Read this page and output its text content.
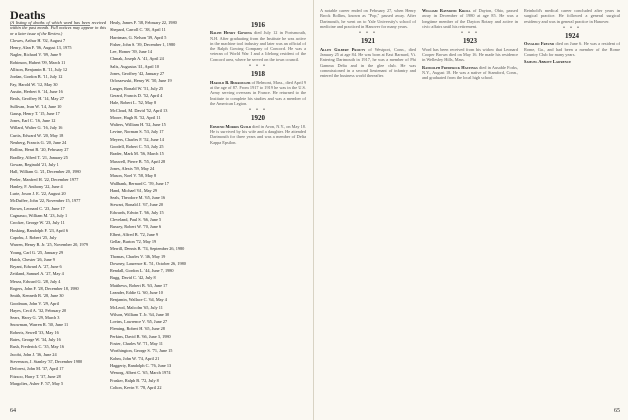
Deaths

(A listing of deaths of which word has been received within the past month. Full notices may appear in this or a later issue of the Review.)

Clowes, Arthur H. '02, August 7

Henry, Alan F. '06, August 13, 1975

Nagler, Richard V. '09, June 9

Robinson, Hubert '09, March 11

Allison, Benjamin R. '11, July 12

Jordan, Gordon B. '11, July 12

Fay, Harold W. '12, May 30

Austin, Herbert S. '14, June 16

Beals, Geoffrey H. '14, May 27

Sullivan, Ivan W. '14, June 10

Gausp, Henry T. '15, June 17

Jones, Earl C. '16, June 12

Willard, Walter G. '16, July 16

Curtis, Edward W. '20, May 18

Neuberg, Francis G. '20, June 24

Rollins, Henri B. '20, February 27

Bradley, Alfred T. '21, January 25

Gowan, Reginald '21, July 1

Hall, William G. '21, December 20, 1980

Peeler, Manfred H. '22, December 1977

Hanley, F. Anthony '22, June 4

Lurie, Joson J. E. '22, August 20

McDuffee, John '22, November 15, 1977

Brown, Leonard C. '23, June 17

Cagnasso, William M. '23, July 1

Crocker, George W. '23, July 11

Hosking, Randolph F. '23, April 6

Capobu, J. Robert '25, July

Warren, Henry B. Jr. '25, November 20, 1979

Young, Carl G. '25, January 29

Hatch, Chester '26, June 9

Bryant, Edward A. '27, June 6

Zeitland, Samuel A. '27, May 4

Merza, Edward G. '28, July 4

Rogers, John F. '28, December 18, 1980

Smith, Kenneth B. '28, June 30

Goodman, John V. '29, April

Hayes, Cecil A. '32, February 20

Sears, Harry G. '29, March 3

Snowman, Warren R. '30, June 11

Roberts, Sewell '33, May 16

Bates, George W. '34, July 16

Rush, Frederick C. '35, May 16

Jacobi, John J. '36, June 24

Stevenson, J. Stanley '37, December 1980

Deforest, John M. '37, April 17

Fitzsoo, Harry T. '37, June 28

Margolies, Asher F. '37, May 5

Healy, James F. '38, February 22, 1980

Shepard, Carroll C. '38, April 11

Harriman, G. Nelson '39, April 5

Fisher, John S. '39, December 1, 1980

Lee, Homer '39, June 14

Chmak, Joseph A. '41, April 24

Salis, Augustus '41, April 10

Jones, Geoffrey '42, January 27

Orloszewski, Henry W. '50, June 19

Langer, Ronald W. '51, July 25

Gerard, Francis D. '52, April 4

Hale, Robert L. '52, May 8

McCloud, M. David '52, April 13

Moore, Hugh R. '52, April 11

Walters, William H. '52, June 15

Levine, Norman S. '53, July 17

Meyers, Charles F. '52, June 14

Goodell, Robert C. '53, July 25

Brader, Mark M. '56, March 15

Maxwell, Pierre B. '55, April 28

Jones, Alexis '59, May 24

Mason, Noel V. '58, May 8

Wallbank, Bernard C. '59, June 17

Hand, Michael '61, May 29

Seals, Theodore M. '65, June 16

Stewart, Ronald J. '67, June 20

Edwards, Edwin T. '66, July 15

Cleveland, Paul S. '66, June 5

Bussey, Robert W. '70, June 6

Elbert, Alfred B. '72, June 9

Gellar, Burton '72, May 19

Merrill, Dennis B. '74, September 26, 1980

Thomas, Charles V. '46, May 19

Downey, Laurence K. '51, October 26, 1980

Rendall, Gordon L. '44, June 7, 1980

Bugg, David C. '42, July 8

Matthews, Robert B. '63, June 17

Leander, Eddie G. '60, June 10

Benjamin, Wallace C. '64, May 4

McLeod, Malcolm '65, July 11

Wilson, William T. Jr. '64, June 30

Lovins, Lawrence V. '65, June 27

Fleming, Robert H. '65, June 28

Perkins, David B. '66, June 3, 1980

Foster, Charles W. '71, May 11

Worthington, George S. '71, June 15

Kohm, John W. '74, April 21

Haggerty, Randolph C. '76, June 13

Wenorg, Albert C. '65, March 1974

Frasker, Ralph B. '72, July 8

Colton, Kevin V. '78, April 22

1916

Ralph Henry Gowing died July 12 in Portsmouth, N.H. After graduating from the Institute he was active in the machine tool industry and later was an official of the Ralph Gowing Company of Concord. He was a veteran of World War I and a lifelong resident of the Concord area, where he served on the town council.

• • •
1918

Harold B. Burroughs of Belmont, Mass., died April 9 at the age of 87. From 1917 to 1919 he was in the U.S. Army serving overseas in France. He returned to the Institute to complete his studies and was a member of the American Legion.

• • •
1920

Edmund Morris Guild died in Avon, N.Y., on May 18. He is survived by his wife and a daughter. He attended Dartmouth for three years and was a member of Delta Kappa Epsilon.

64

A notable career ended on February 27, when Henry Brock Rollins, known as "Pop," passed away. After Dartmouth, he went on to Yale University's school of medicine and practiced in Hanover for many years.

• • •
1921

Allen Gilbert Prouty of Westport, Conn., died January 25 at age 84. He was born at East Barnard, Vt. Entering Dartmouth in 1917, he was a member of Phi Gamma Delta and in the glee club. He was commissioned in a second lieutenant of infantry and entered the business world thereafter.

William Raymond Kroll of Dayton, Ohio, passed away in December of 1980 at age 85. He was a longtime member of the Dayton Rotary and active in civic affairs until his retirement.

• • •
1923

Word has been received from his widow that Leonard Cooper Brown died on May 16. He made his residence in Wellesley Hills, Mass.

Randolph Frederick Hastings died in Ausable Forks, N.Y., August 18. He was a native of Stamford, Conn., and graduated from the local high school.

Reinhold's medical career concluded after years in surgical practice. He followed a general surgical residency and was in general practice in Hanover.

• • •
1924

Osvaldo Freund died on June 6. He was a resident of Rome, Ga., and had been a member of the Rome Country Club for many years.

Samuel Abbott Lawrence

65
